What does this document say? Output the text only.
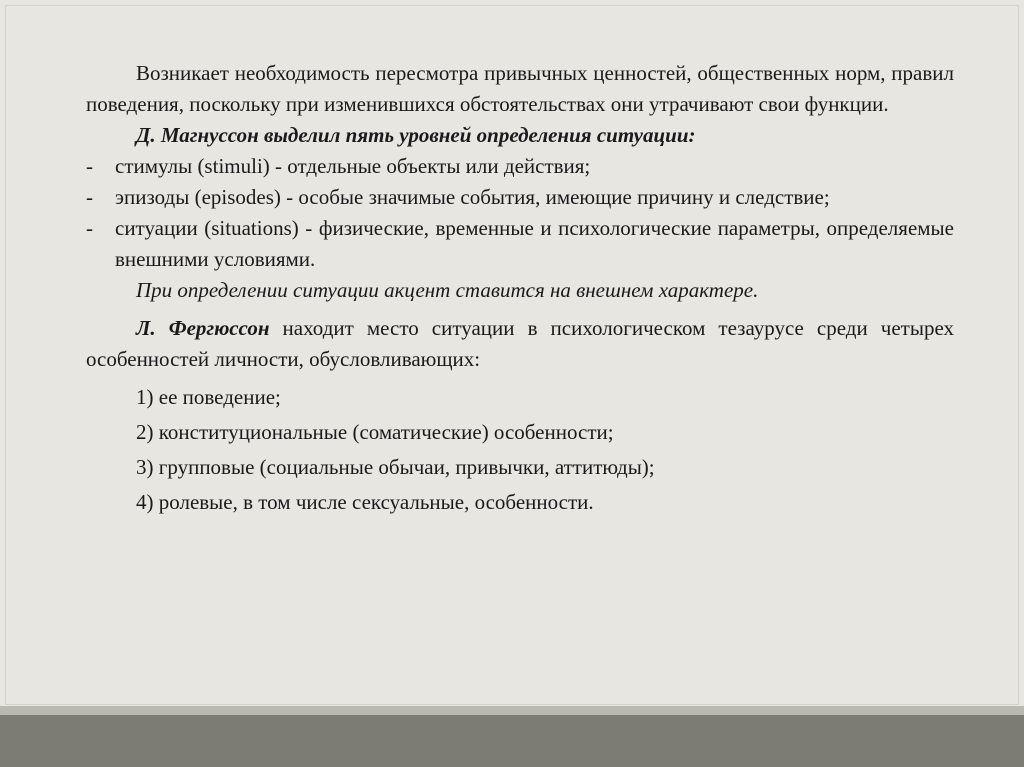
Возникает необходимость пересмотра привычных ценностей, общественных норм, правил поведения, поскольку при изменившихся обстоятельствах они утрачивают свои функции.

Д. Магнуссон выделил пять уровней определения ситуации:

- стимулы (stimuli) - отдельные объекты или действия;
- эпизоды (episodes) - особые значимые события, имеющие причину и следствие;
- ситуации (situations) - физические, временные и психологические параметры, определяемые внешними условиями.

При определении ситуации акцент ставится на внешнем характере.

Л. Фергюссон находит место ситуации в психологическом тезаурусе среди четырех особенностей личности, обусловливающих:

1) ее поведение;
2) конституциональные (соматические) особенности;
3) групповые (социальные обычаи, привычки, аттитюды);
4) ролевые, в том числе сексуальные, особенности.
